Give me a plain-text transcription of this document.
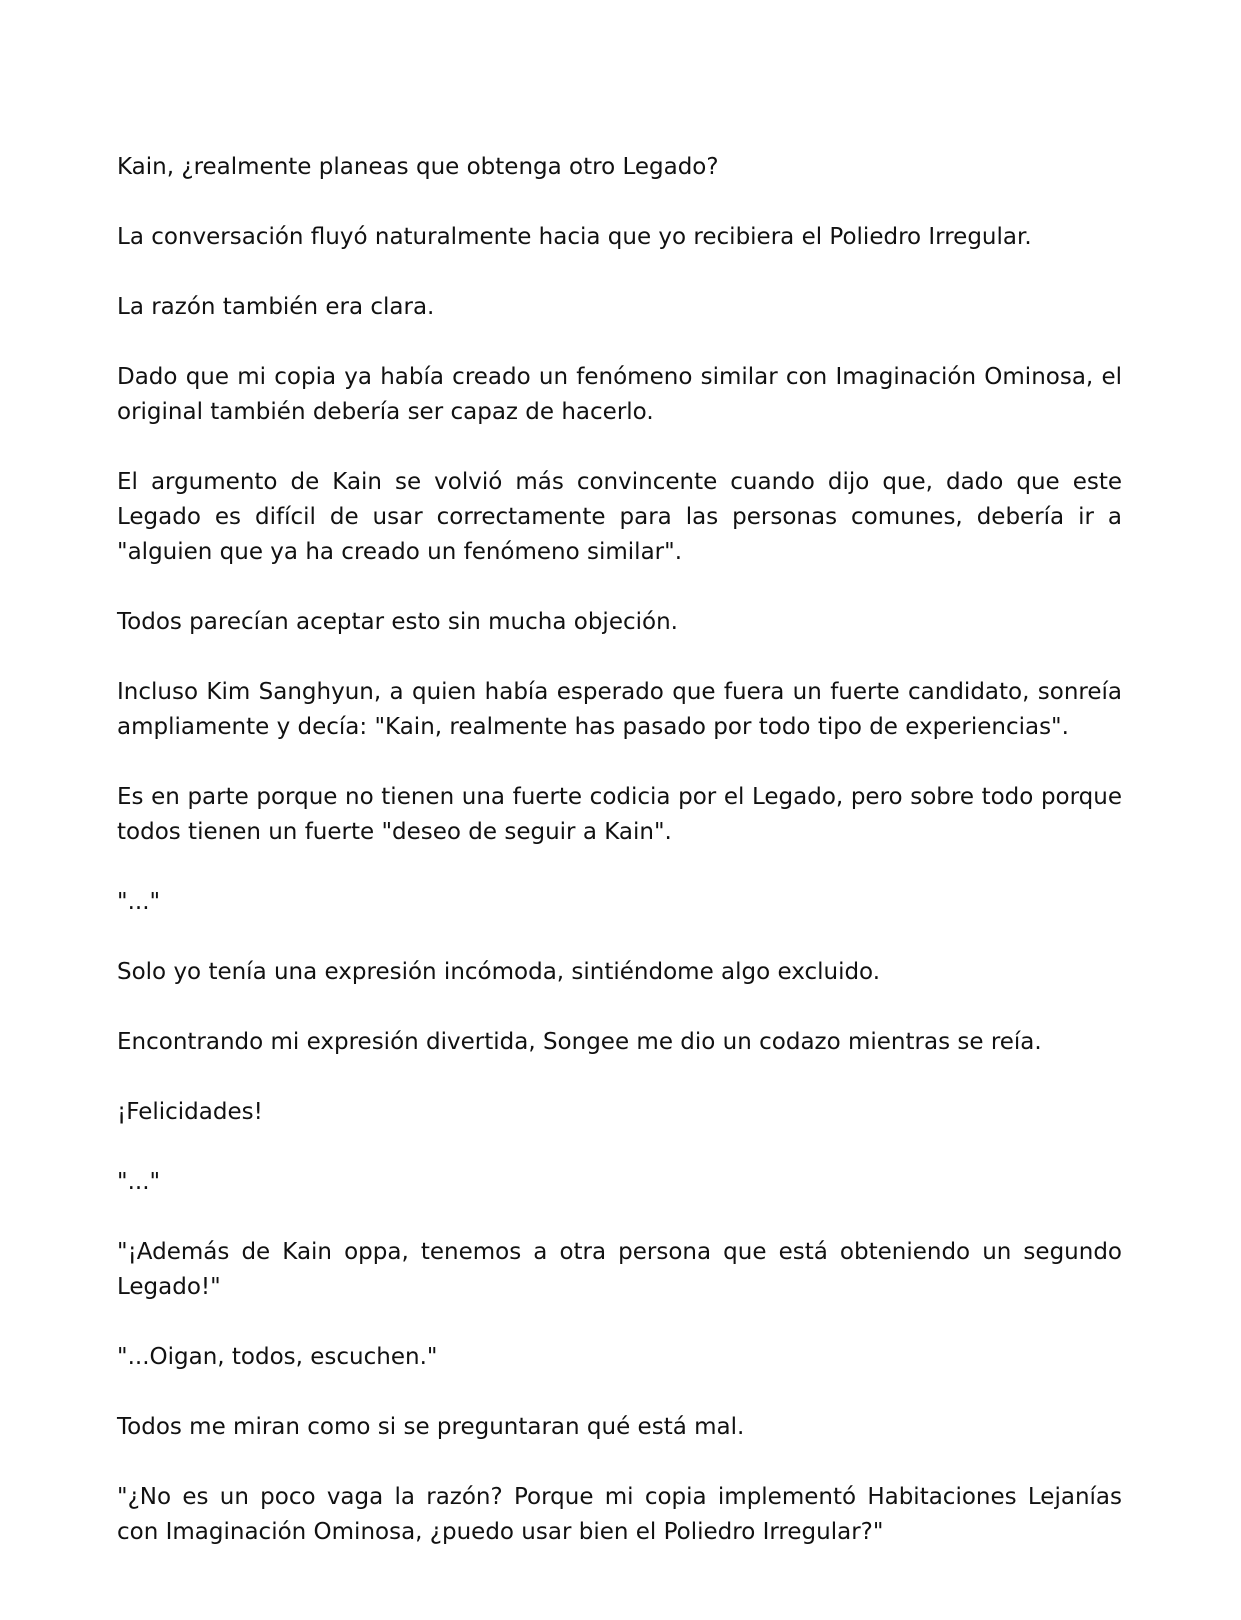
Kain, ¿realmente planeas que obtenga otro Legado?

La conversación fluyó naturalmente hacia que yo recibiera el Poliedro Irregular.

La razón también era clara.

Dado que mi copia ya había creado un fenómeno similar con Imaginación Ominosa, el original también debería ser capaz de hacerlo.

El argumento de Kain se volvió más convincente cuando dijo que, dado que este Legado es difícil de usar correctamente para las personas comunes, debería ir a "alguien que ya ha creado un fenómeno similar".

Todos parecían aceptar esto sin mucha objeción.

Incluso Kim Sanghyun, a quien había esperado que fuera un fuerte candidato, sonreía ampliamente y decía: "Kain, realmente has pasado por todo tipo de experiencias".

Es en parte porque no tienen una fuerte codicia por el Legado, pero sobre todo porque todos tienen un fuerte "deseo de seguir a Kain".

"..."

Solo yo tenía una expresión incómoda, sintiéndome algo excluido.

Encontrando mi expresión divertida, Songee me dio un codazo mientras se reía.

¡Felicidades!

"..."

"¡Además de Kain oppa, tenemos a otra persona que está obteniendo un segundo Legado!"

"...Oigan, todos, escuchen."

Todos me miran como si se preguntaran qué está mal.

"¿No es un poco vaga la razón? Porque mi copia implementó Habitaciones Lejanías con Imaginación Ominosa, ¿puedo usar bien el Poliedro Irregular?"
